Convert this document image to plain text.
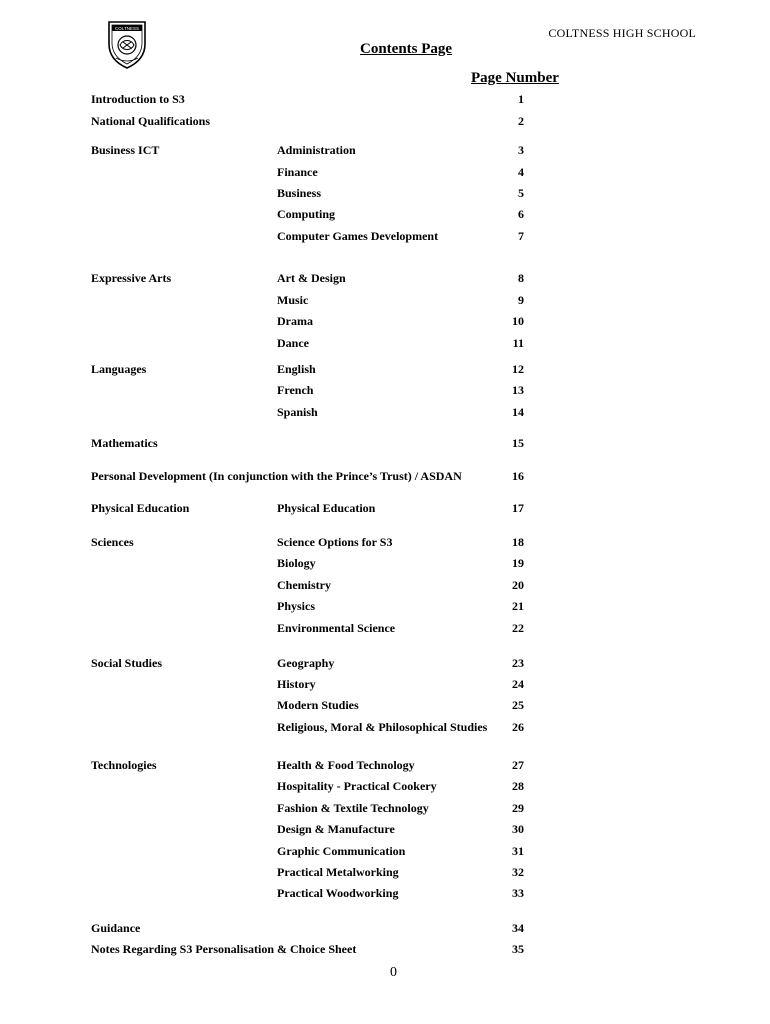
COLTNESS	COLTNESS HIGH SCHOOL
Contents Page
Page Number
Introduction to S3	1
National Qualifications	2
Business ICT	Administration	3
Finance	4
Business	5
Computing	6
Computer Games Development	7
Expressive Arts	Art & Design	8
Music	9
Drama	10
Dance	11
Languages	English	12
French	13
Spanish	14
Mathematics	15
Personal Development (In conjunction with the Prince’s Trust) / ASDAN	16
Physical Education	Physical Education	17
Sciences	Science Options for S3	18
Biology	19
Chemistry	20
Physics	21
Environmental Science	22
Social Studies	Geography	23
History	24
Modern Studies	25
Religious, Moral & Philosophical Studies	26
Technologies	Health & Food Technology	27
Hospitality - Practical Cookery	28
Fashion & Textile Technology	29
Design & Manufacture	30
Graphic Communication	31
Practical Metalworking	32
Practical Woodworking	33
Guidance	34
Notes Regarding S3 Personalisation & Choice Sheet	35
0
